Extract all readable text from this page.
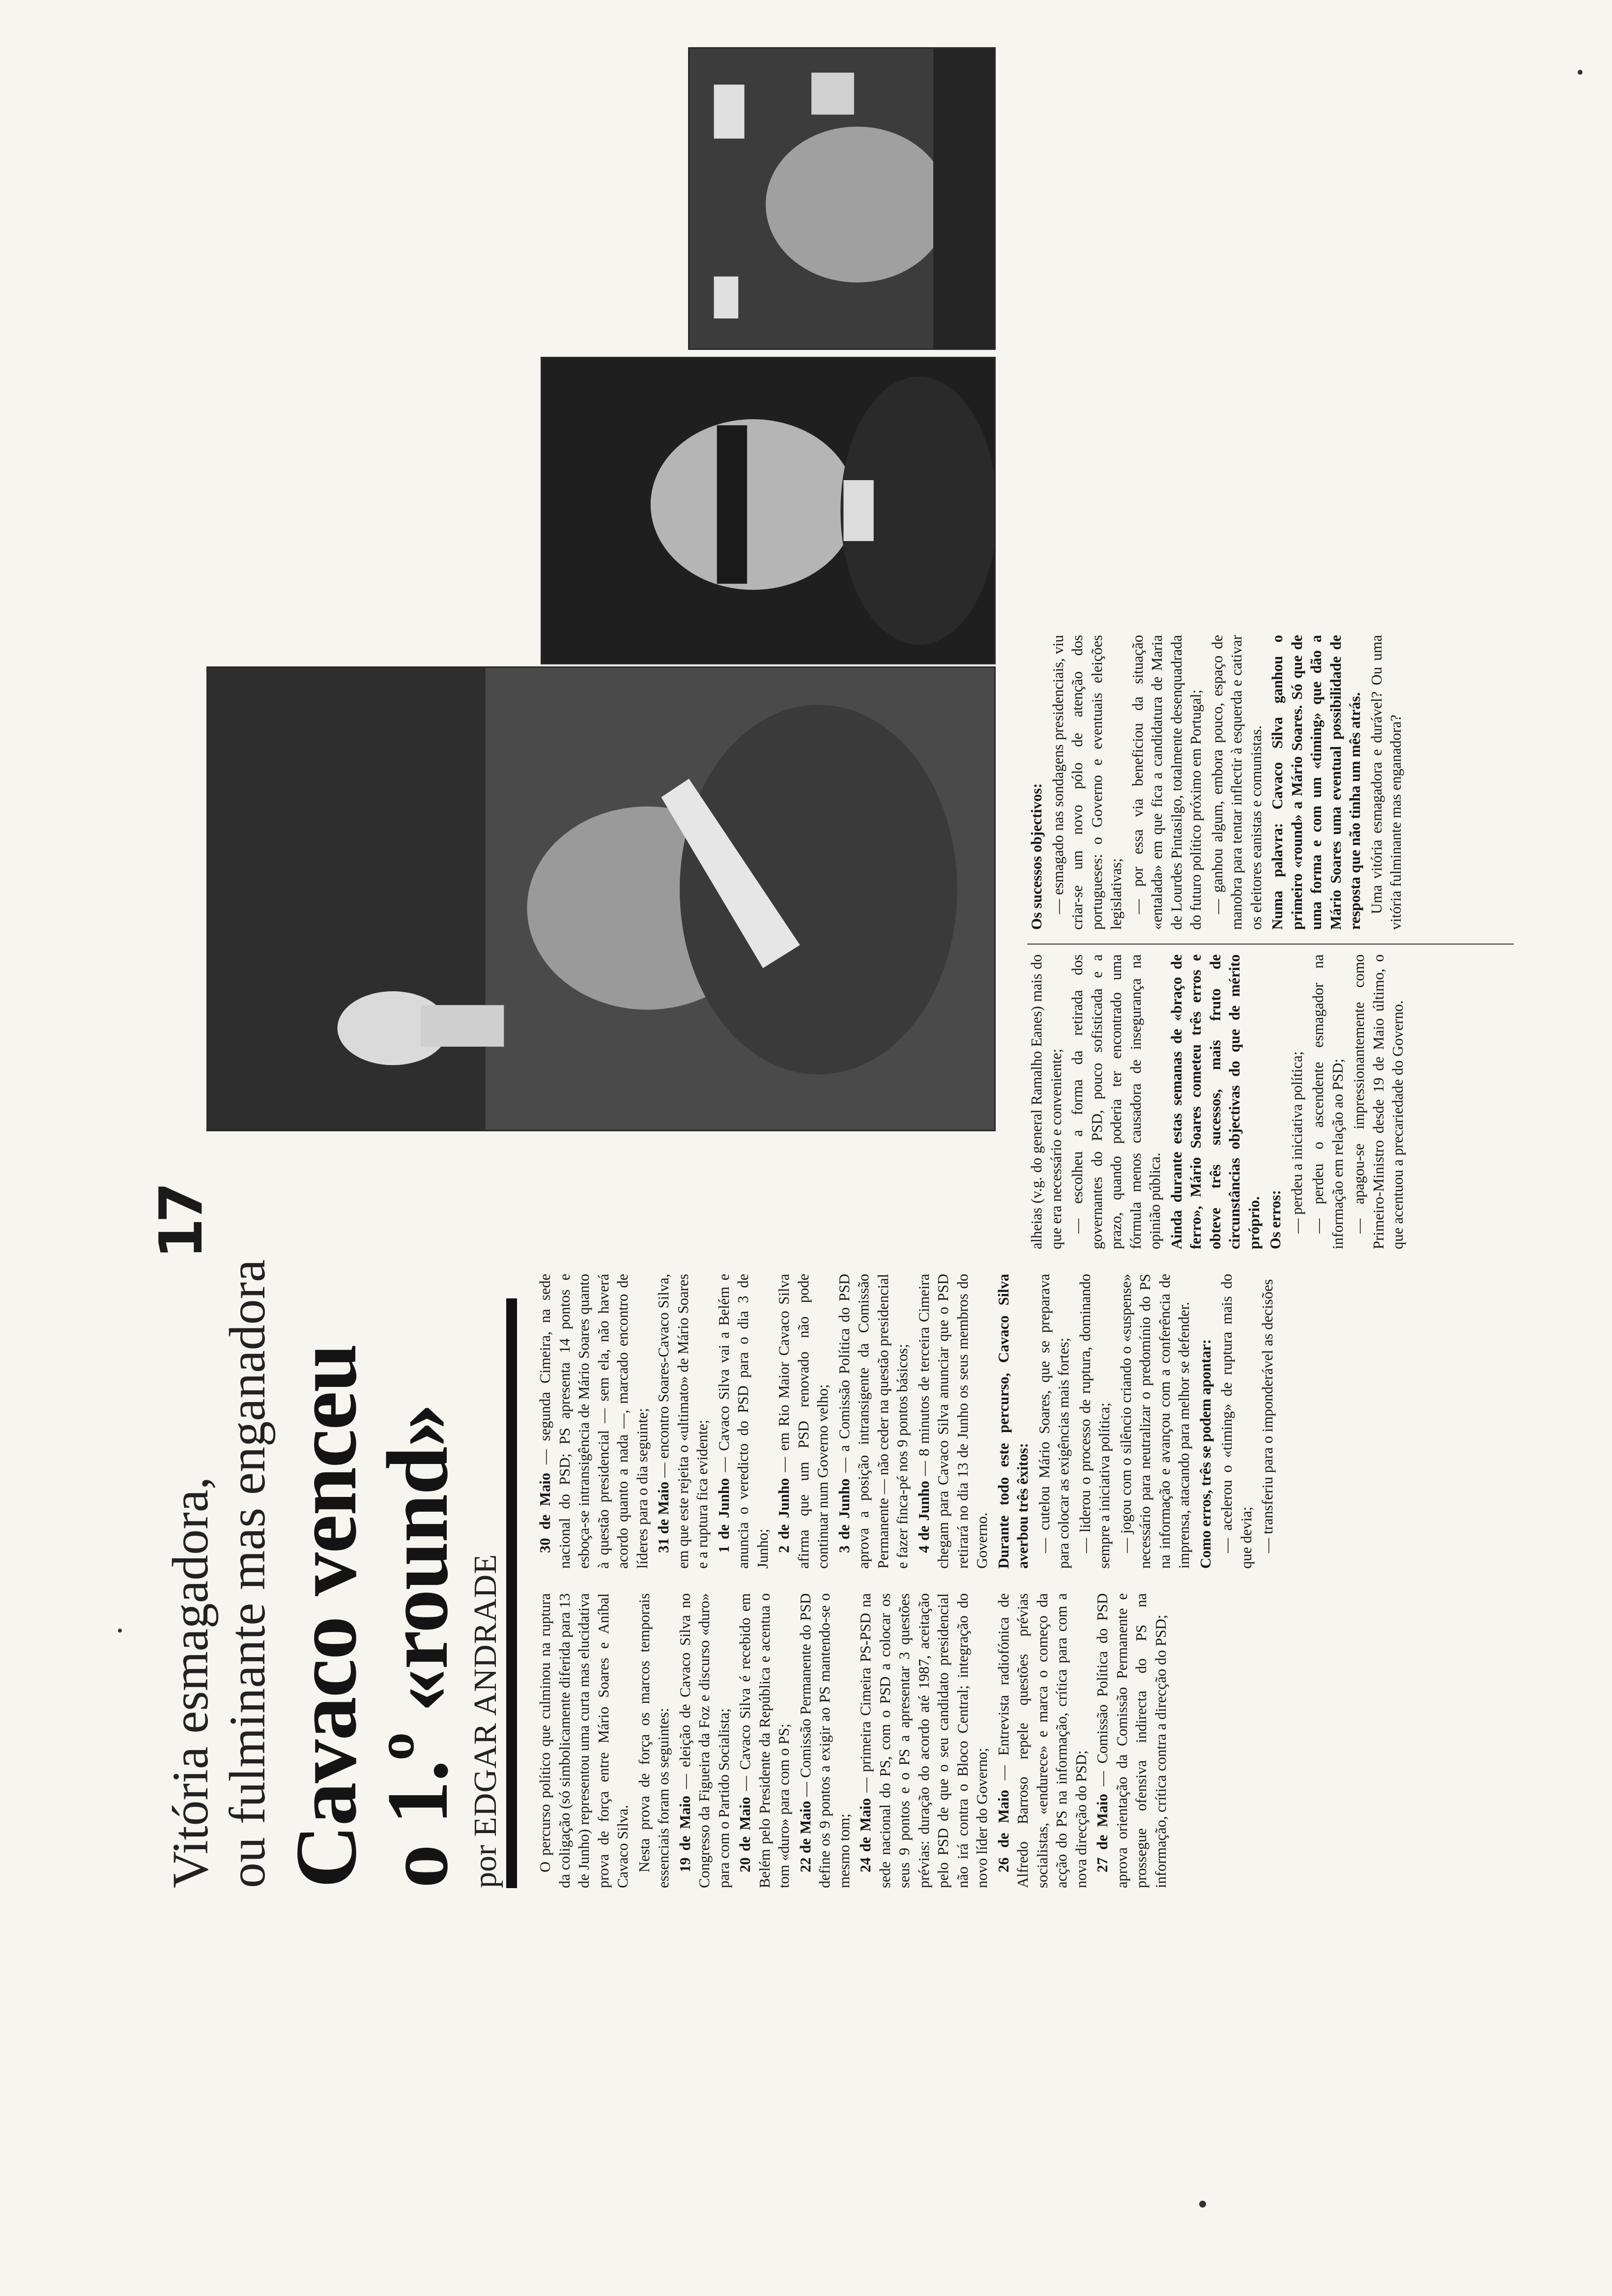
17
Vitória esmagadora,
ou fulminante mas enganadora Cavaco venceu
o 1.º «round» por EDGAR ANDRADE O percurso político que culminou na ruptura da coligação (só simbolicamente diferida para 13 de Junho) representou uma curta mas elucidativa prova de força entre Mário Soares e Aníbal Cavaco Silva. Nesta prova de força os marcos temporais essenciais foram os seguintes: 19 de Maio — eleição de Cavaco Silva no Congresso da Figueira da Foz e discurso «duro» para com o Partido Socialista; 20 de Maio — Cavaco Silva é recebido em Belém pelo Presidente da República e acentua o tom «duro» para com o PS; 22 de Maio — Comissão Permanente do PSD define os 9 pontos a exigir ao PS mantendo-se o mesmo tom; 24 de Maio — primeira Cimeira PS-PSD na sede nacional do PS, com o PSD a colocar os seus 9 pontos e o PS a apresentar 3 questões prévias: duração do acordo até 1987, aceitação pelo PSD de que o seu candidato presidencial não irá contra o Bloco Central; integração do novo líder do Governo; 26 de Maio — Entrevista radiofónica de Alfredo Barroso repele questões prévias socialistas, «endurece» e marca o começo da acção do PS na informação, crítica para com a nova direcção do PSD; 27 de Maio — Comissão Política do PSD aprova orientação da Comissão Permanente e prossegue ofensiva indirecta do PS na informação, crítica contra a direcção do PSD;

30 de Maio — segunda Cimeira, na sede nacional do PSD; PS apresenta 14 pontos e esboça-se intransigência de Mário Soares quanto à questão presidencial — sem ela, não haverá acordo quanto a nada —, marcado encontro de líderes para o dia seguinte; 31 de Maio — encontro Soares-Cavaco Silva, em que este rejeita o «ultimato» de Mário Soares e a ruptura fica evidente; 1 de Junho — Cavaco Silva vai a Belém e anuncia o veredicto do PSD para o dia 3 de Junho; 2 de Junho — em Rio Maior Cavaco Silva afirma que um PSD renovado não pode continuar num Governo velho; 3 de Junho — a Comissão Política do PSD aprova a posição intransigente da Comissão Permanente — não ceder na questão presidencial e fazer finca-pé nos 9 pontos básicos; 4 de Junho — 8 minutos de terceira Cimeira chegam para Cavaco Silva anunciar que o PSD retirará no dia 13 de Junho os seus membros do Governo. Durante todo este percurso, Cavaco Silva averbou três êxitos: — cutelou Mário Soares, que se preparava para colocar as exigências mais fortes; — liderou o processo de ruptura, dominando sempre a iniciativa política; — jogou com o silêncio criando o «suspense» necessário para neutralizar o predomínio do PS na informação e avançou com a conferência de imprensa, atacando para melhor se defender. Como erros, três se podem apontar: — acelerou o «timing» de ruptura mais do que devia; — transferiu para o imponderável as decisões

alheias (v.g. do general Ramalho Eanes) mais do que era necessário e conveniente; — escolheu a forma da retirada dos governantes do PSD, pouco sofisticada e a prazo, quando poderia ter encontrado uma fórmula menos causadora de insegurança na opinião pública. Ainda durante estas semanas de «braço de ferro», Mário Soares cometeu três erros e obteve três sucessos, mais fruto de circunstâncias objectivas do que de mérito próprio. Os erros: — perdeu a iniciativa política; — perdeu o ascendente esmagador na informação em relação ao PSD; — apagou-se impressionantemente como Primeiro-Ministro desde 19 de Maio último, o que acentuou a precariedade do Governo.

Os sucessos objectivos: — esmagado nas sondagens presidenciais, viu criar-se um novo pólo de atenção dos portugueses: o Governo e eventuais eleições legislativas; — por essa via beneficiou da situação «entalada» em que fica a candidatura de Maria de Lourdes Pintasilgo, totalmente desenquadrada do futuro político próximo em Portugal; — ganhou algum, embora pouco, espaço de manobra para tentar inflectir à esquerda e cativar os eleitores eanistas e comunistas. Numa palavra: Cavaco Silva ganhou o primeiro «round» a Mário Soares. Só que de uma forma e com um «timing» que dão a Mário Soares uma eventual possibilidade de resposta que não tinha um mês atrás. Uma vitória esmagadora e durável? Ou uma vitória fulminante mas enganadora?
